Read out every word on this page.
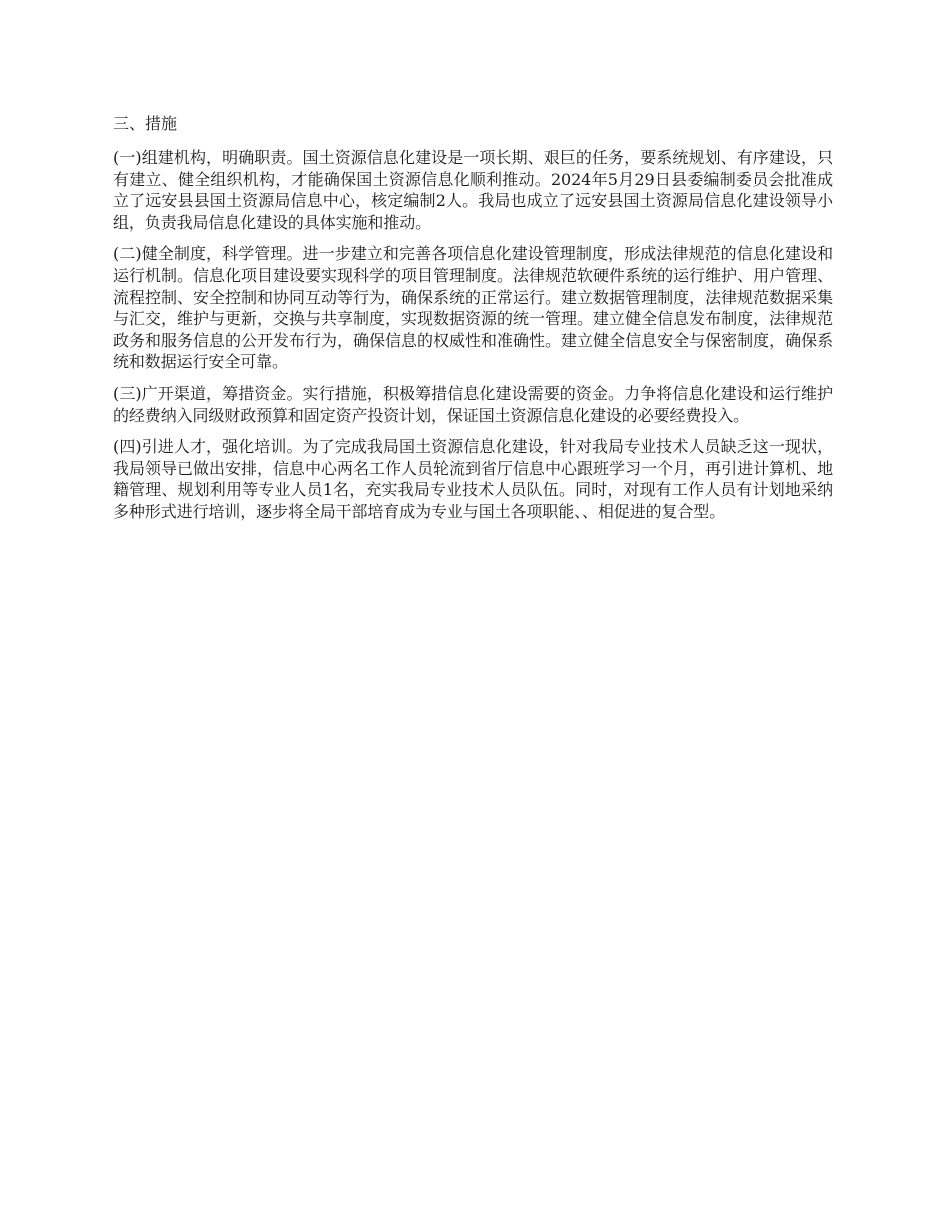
三、措施

(一)组建机构，明确职责。国土资源信息化建设是一项长期、艰巨的任务，要系统规划、有序建设，只有建立、健全组织机构，才能确保国土资源信息化顺利推动。2024年5月29日县委编制委员会批准成立了远安县县国土资源局信息中心，核定编制2人。我局也成立了远安县国土资源局信息化建设领导小组，负责我局信息化建设的具体实施和推动。

(二)健全制度，科学管理。进一步建立和完善各项信息化建设管理制度，形成法律规范的信息化建设和运行机制。信息化项目建设要实现科学的项目管理制度。法律规范软硬件系统的运行维护、用户管理、流程控制、安全控制和协同互动等行为，确保系统的正常运行。建立数据管理制度，法律规范数据采集与汇交，维护与更新，交换与共享制度，实现数据资源的统一管理。建立健全信息发布制度，法律规范政务和服务信息的公开发布行为，确保信息的权威性和准确性。建立健全信息安全与保密制度，确保系统和数据运行安全可靠。

(三)广开渠道，筹措资金。实行措施，积极筹措信息化建设需要的资金。力争将信息化建设和运行维护的经费纳入同级财政预算和固定资产投资计划，保证国土资源信息化建设的必要经费投入。

(四)引进人才，强化培训。为了完成我局国土资源信息化建设，针对我局专业技术人员缺乏这一现状，我局领导已做出安排，信息中心两名工作人员轮流到省厅信息中心跟班学习一个月，再引进计算机、地籍管理、规划利用等专业人员1名，充实我局专业技术人员队伍。同时，对现有工作人员有计划地采纳多种形式进行培训，逐步将全局干部培育成为专业与国土各项职能、、相促进的复合型。
